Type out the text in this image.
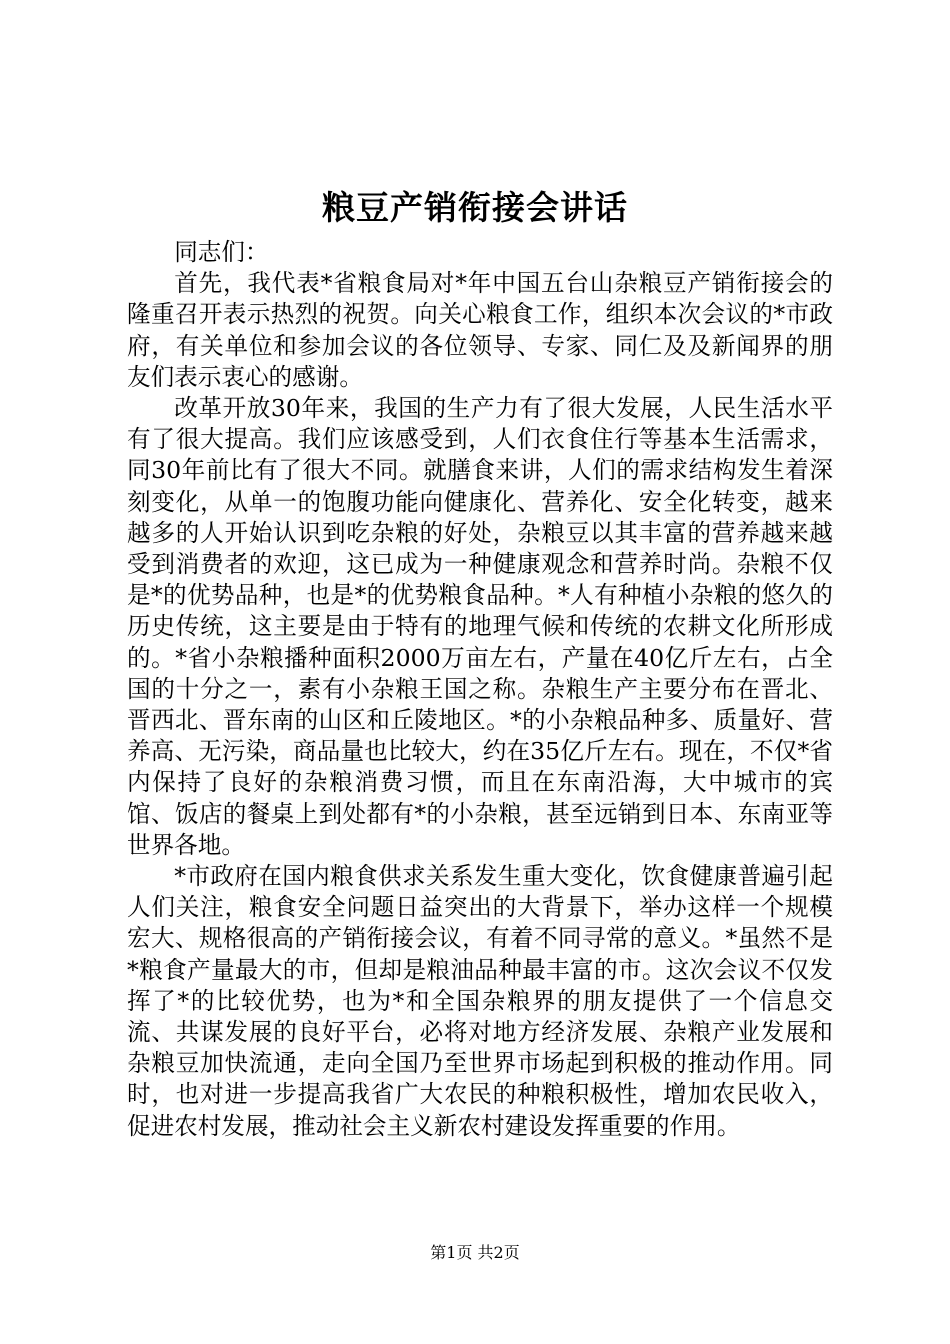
粮豆产销衔接会讲话

同志们：

首先，我代表*省粮食局对*年中国五台山杂粮豆产销衔接会的隆重召开表示热烈的祝贺。向关心粮食工作，组织本次会议的*市政府，有关单位和参加会议的各位领导、专家、同仁及及新闻界的朋友们表示衷心的感谢。

改革开放30年来，我国的生产力有了很大发展，人民生活水平有了很大提高。我们应该感受到，人们衣食住行等基本生活需求，同30年前比有了很大不同。就膳食来讲，人们的需求结构发生着深刻变化，从单一的饱腹功能向健康化、营养化、安全化转变，越来越多的人开始认识到吃杂粮的好处，杂粮豆以其丰富的营养越来越受到消费者的欢迎，这已成为一种健康观念和营养时尚。杂粮不仅是*的优势品种，也是*的优势粮食品种。*人有种植小杂粮的悠久的历史传统，这主要是由于特有的地理气候和传统的农耕文化所形成的。*省小杂粮播种面积2000万亩左右，产量在40亿斤左右，占全国的十分之一，素有小杂粮王国之称。杂粮生产主要分布在晋北、晋西北、晋东南的山区和丘陵地区。*的小杂粮品种多、质量好、营养高、无污染，商品量也比较大，约在35亿斤左右。现在，不仅*省内保持了良好的杂粮消费习惯，而且在东南沿海，大中城市的宾馆、饭店的餐桌上到处都有*的小杂粮，甚至远销到日本、东南亚等世界各地。

*市政府在国内粮食供求关系发生重大变化，饮食健康普遍引起人们关注，粮食安全问题日益突出的大背景下，举办这样一个规模宏大、规格很高的产销衔接会议，有着不同寻常的意义。*虽然不是*粮食产量最大的市，但却是粮油品种最丰富的市。这次会议不仅发挥了*的比较优势，也为*和全国杂粮界的朋友提供了一个信息交流、共谋发展的良好平台，必将对地方经济发展、杂粮产业发展和杂粮豆加快流通，走向全国乃至世界市场起到积极的推动作用。同时，也对进一步提高我省广大农民的种粮积极性，增加农民收入，促进农村发展，推动社会主义新农村建设发挥重要的作用。

第1页 共2页
